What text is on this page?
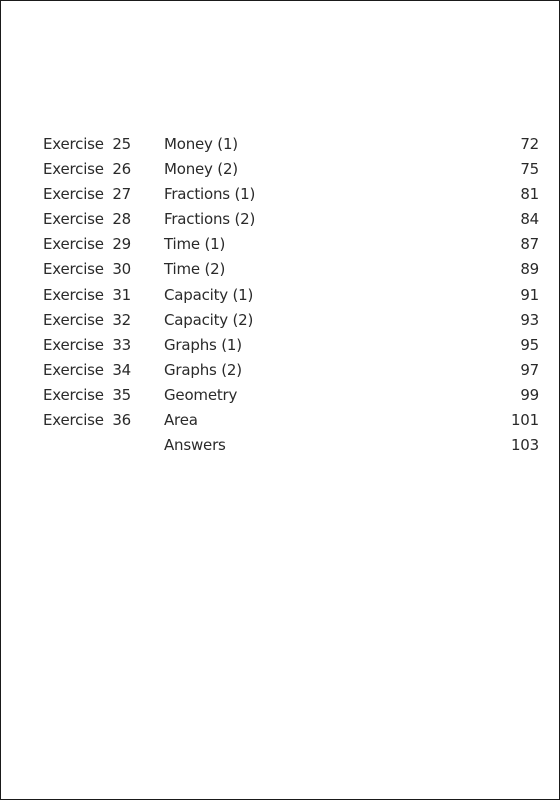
Exercise 25 Money (1)	72
Exercise 26 Money (2)	75
Exercise 27 Fractions (1)	81
Exercise 28 Fractions (2)	84
Exercise 29 Time (1)	87
Exercise 30 Time (2)	89
Exercise 31 Capacity (1)	91
Exercise 32 Capacity (2)	93
Exercise 33 Graphs (1)	95
Exercise 34 Graphs (2)	97
Exercise 35 Geometry	99
Exercise 36 Area	101
Answers	103
